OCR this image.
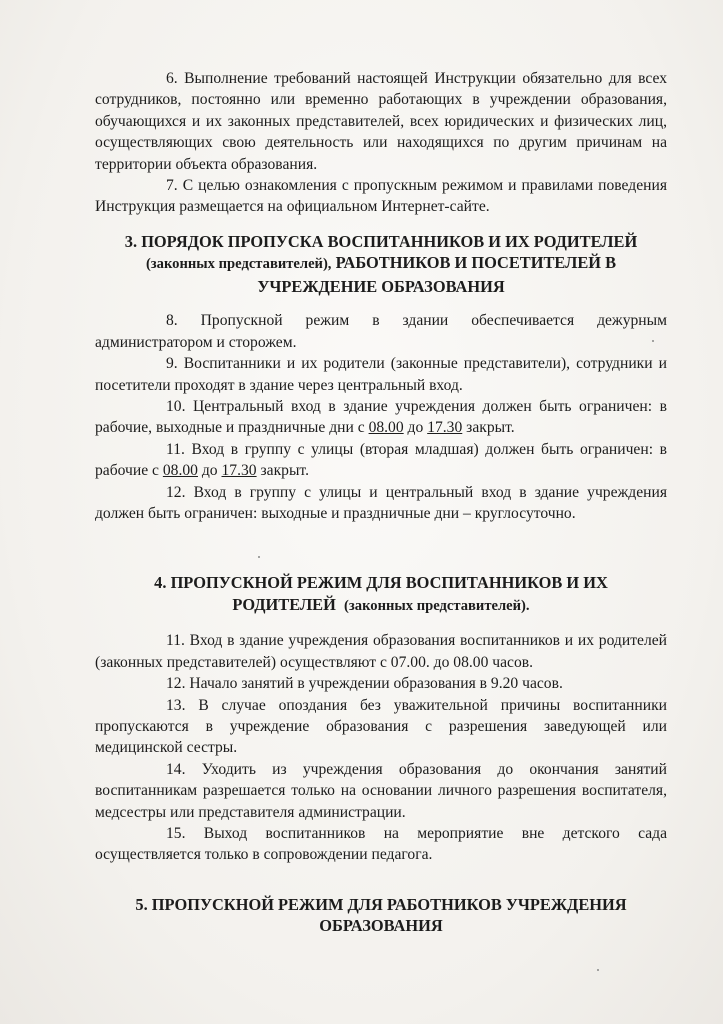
6. Выполнение требований настоящей Инструкции обязательно для всех сотрудников, постоянно или временно работающих в учреждении образования, обучающихся и их законных представителей, всех юридических и физических лиц, осуществляющих свою деятельность или находящихся по другим причинам на территории объекта образования.

7. С целью ознакомления с пропускным режимом и правилами поведения Инструкция размещается на официальном Интернет-сайте.

3. ПОРЯДОК ПРОПУСКА ВОСПИТАННИКОВ И ИХ РОДИТЕЛЕЙ
(законных представителей), РАБОТНИКОВ И ПОСЕТИТЕЛЕЙ В
УЧРЕЖДЕНИЕ ОБРАЗОВАНИЯ

8. Пропускной режим в здании обеспечивается дежурным администратором и сторожем.

9. Воспитанники и их родители (законные представители), сотрудники и посетители проходят в здание через центральный вход.

10. Центральный вход в здание учреждения должен быть ограничен: в рабочие, выходные и праздничные дни с 08.00 до 17.30 закрыт.

11. Вход в группу с улицы (вторая младшая) должен быть ограничен: в рабочие с 08.00 до 17.30 закрыт.

12. Вход в группу с улицы и центральный вход в здание учреждения должен быть ограничен: выходные и праздничные дни – круглосуточно.

4. ПРОПУСКНОЙ РЕЖИМ ДЛЯ ВОСПИТАННИКОВ И ИХ
РОДИТЕЛЕЙ (законных представителей).

11. Вход в здание учреждения образования воспитанников и их родителей (законных представителей) осуществляют с 07.00. до 08.00 часов.

12. Начало занятий в учреждении образования в 9.20 часов.

13. В случае опоздания без уважительной причины воспитанники пропускаются в учреждение образования с разрешения заведующей или медицинской сестры.

14. Уходить из учреждения образования до окончания занятий воспитанникам разрешается только на основании личного разрешения воспитателя, медсестры или представителя администрации.

15. Выход воспитанников на мероприятие вне детского сада осуществляется только в сопровождении педагога.

5. ПРОПУСКНОЙ РЕЖИМ ДЛЯ РАБОТНИКОВ УЧРЕЖДЕНИЯ
ОБРАЗОВАНИЯ
